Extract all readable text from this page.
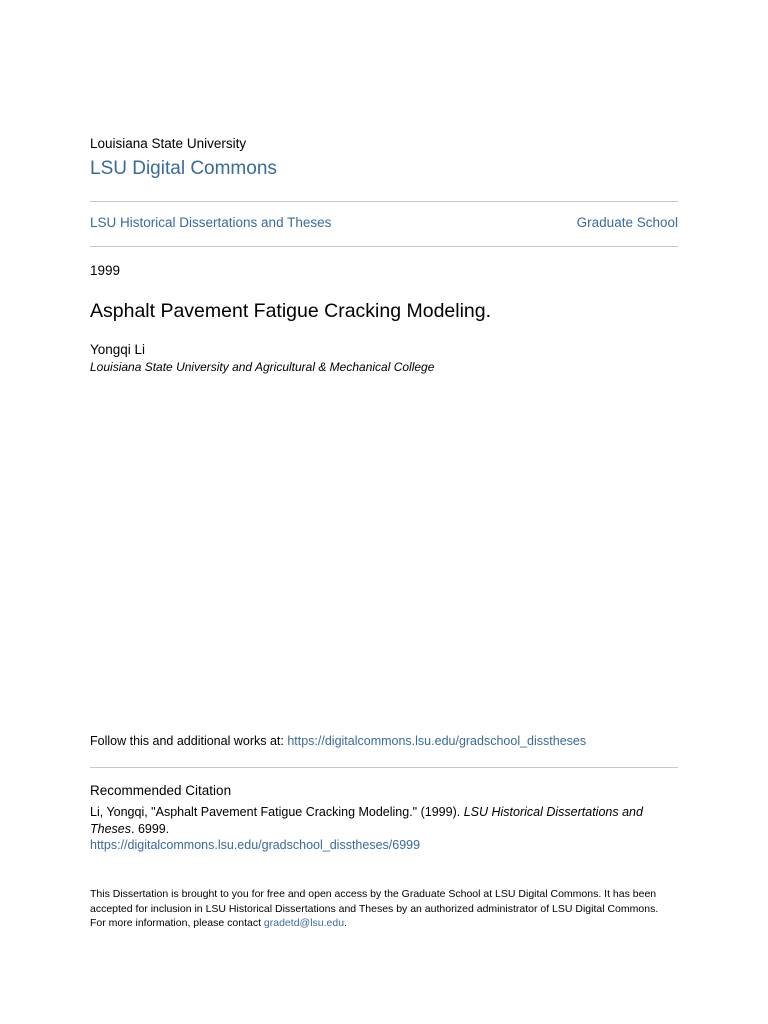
Louisiana State University
LSU Digital Commons
LSU Historical Dissertations and Theses	Graduate School
1999
Asphalt Pavement Fatigue Cracking Modeling.
Yongqi Li
Louisiana State University and Agricultural & Mechanical College
Follow this and additional works at: https://digitalcommons.lsu.edu/gradschool_disstheses
Recommended Citation
Li, Yongqi, "Asphalt Pavement Fatigue Cracking Modeling." (1999). LSU Historical Dissertations and Theses. 6999.
https://digitalcommons.lsu.edu/gradschool_disstheses/6999
This Dissertation is brought to you for free and open access by the Graduate School at LSU Digital Commons. It has been accepted for inclusion in LSU Historical Dissertations and Theses by an authorized administrator of LSU Digital Commons. For more information, please contact gradetd@lsu.edu.
